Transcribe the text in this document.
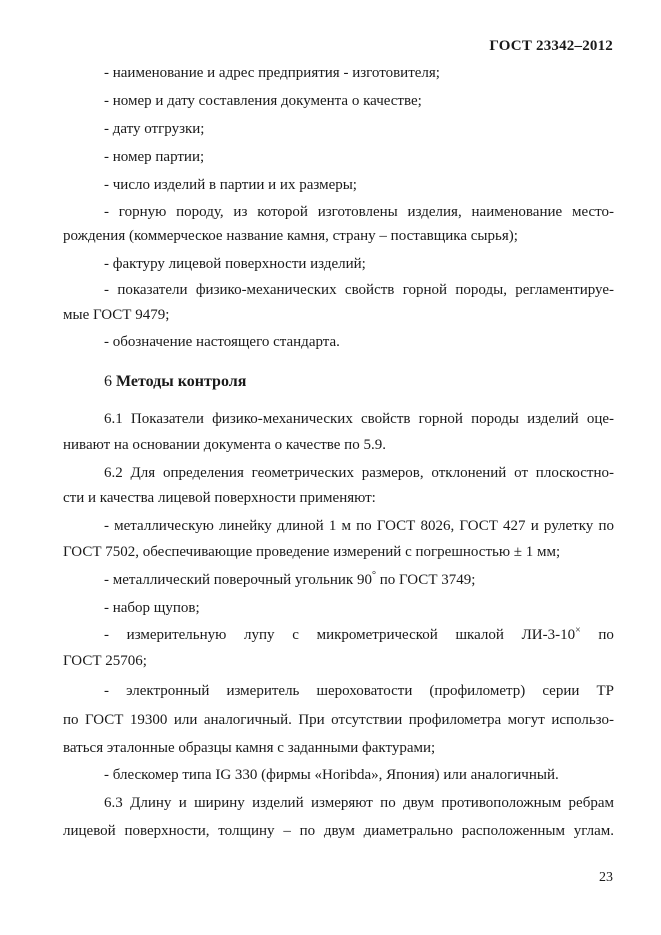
ГОСТ 23342–2012
- наименование и адрес предприятия - изготовителя;
- номер и дату составления документа о качестве;
- дату отгрузки;
- номер партии;
- число изделий в партии и их размеры;
- горную породу, из которой изготовлены изделия, наименование место-
рождения (коммерческое название камня, страну – поставщика сырья);
- фактуру лицевой поверхности изделий;
- показатели физико-механических свойств горной породы, регламентируе-
мые ГОСТ 9479;
- обозначение настоящего стандарта.
6 Методы контроля
6.1 Показатели физико-механических свойств горной породы изделий оце-
нивают на основании документа о качестве по 5.9.
6.2 Для определения геометрических размеров, отклонений от плоскостно-
сти и качества лицевой поверхности применяют:
- металлическую линейку длиной 1 м по ГОСТ 8026, ГОСТ 427 и рулетку по
ГОСТ 7502, обеспечивающие проведение измерений с погрешностью ± 1 мм;
- металлический поверочный угольник 90° по ГОСТ 3749;
- набор щупов;
- измерительную лупу с микрометрической шкалой ЛИ-3-10× по
ГОСТ 25706;
- электронный измеритель шероховатости (профилометр) серии ТР
по ГОСТ 19300 или аналогичный. При отсутствии профилометра могут использо-
ваться эталонные образцы камня с заданными фактурами;
- блескомер типа IG 330 (фирмы «Horibda», Япония) или аналогичный.
6.3 Длину и ширину изделий измеряют по двум противоположным ребрам
лицевой поверхности, толщину – по двум диаметрально расположенным углам.
23
